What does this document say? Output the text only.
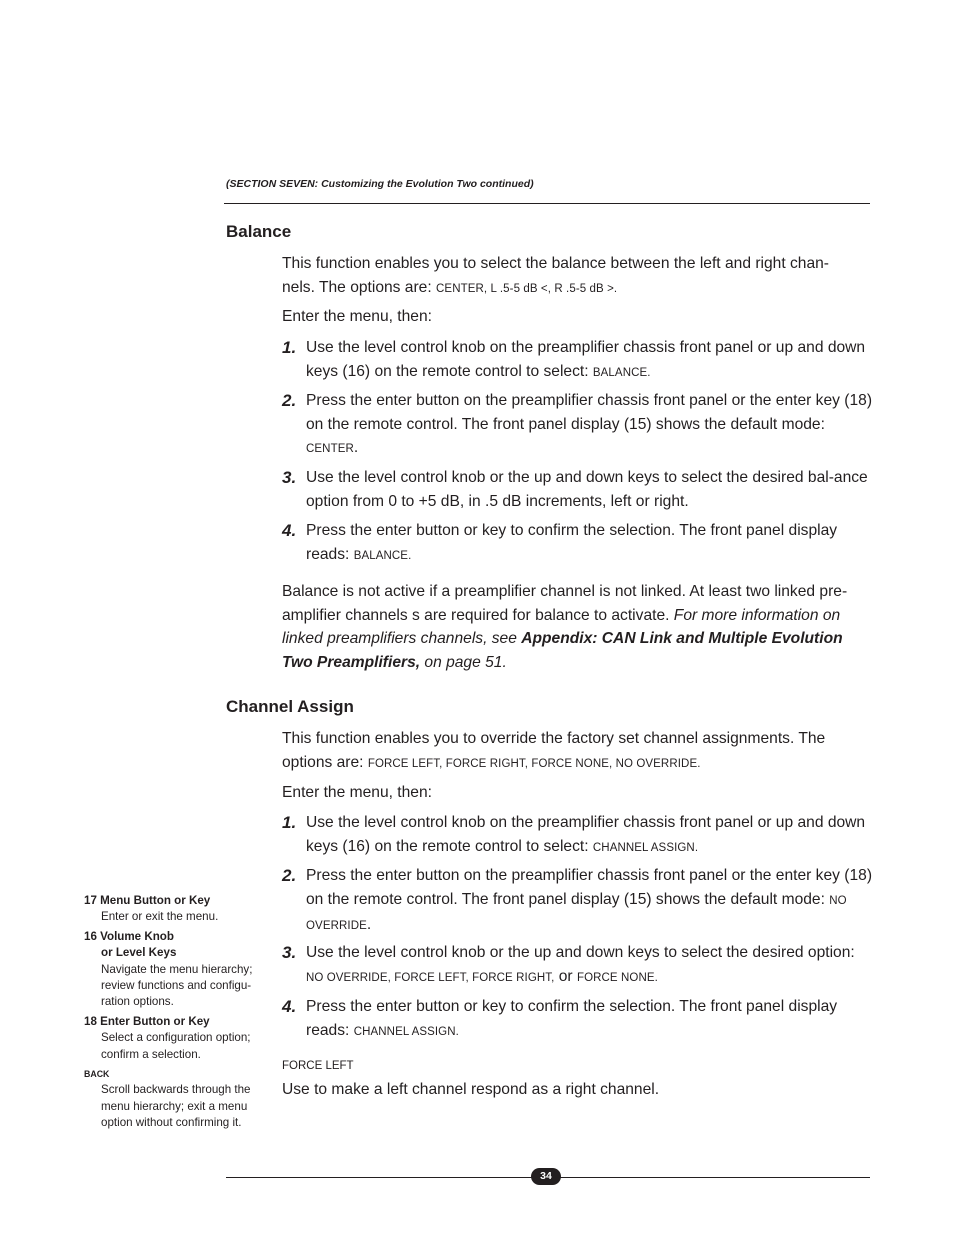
(SECTION SEVEN: Customizing the Evolution Two continued)
Balance
This function enables you to select the balance between the left and right chan-
nels. The options are: CENTER, L .5-5 dB <, R .5-5 dB >.
Enter the menu, then:
1. Use the level control knob on the preamplifier chassis front panel or up and down keys (16) on the remote control to select: BALANCE.
2. Press the enter button on the preamplifier chassis front panel or the enter key (18) on the remote control. The front panel display (15) shows the default mode: CENTER.
3. Use the level control knob or the up and down keys to select the desired bal-ance option from 0 to +5 dB, in .5 dB increments, left or right.
4. Press the enter button or key to confirm the selection. The front panel display reads: BALANCE.
Balance is not active if a preamplifier channel is not linked. At least two linked pre-amplifier channels s are required for balance to activate. For more information on linked preamplifiers channels, see Appendix: CAN Link and Multiple Evolution Two Preamplifiers, on page 51.
Channel Assign
This function enables you to override the factory set channel assignments. The
options are: FORCE LEFT, FORCE RIGHT, FORCE NONE, NO OVERRIDE.
Enter the menu, then:
1. Use the level control knob on the preamplifier chassis front panel or up and down keys (16) on the remote control to select: CHANNEL ASSIGN.
2. Press the enter button on the preamplifier chassis front panel or the enter key (18) on the remote control. The front panel display (15) shows the default mode: NO OVERRIDE.
3. Use the level control knob or the up and down keys to select the desired option: NO OVERRIDE, FORCE LEFT, FORCE RIGHT, or FORCE NONE.
4. Press the enter button or key to confirm the selection. The front panel display reads: CHANNEL ASSIGN.
FORCE LEFT
Use to make a left channel respond as a right channel.
17 Menu Button or Key
Enter or exit the menu.
16 Volume Knob
or Level Keys
Navigate the menu hierarchy; review functions and configu-ration options.
18 Enter Button or Key
Select a configuration option; confirm a selection.
BACK
Scroll backwards through the menu hierarchy; exit a menu option without confirming it.
34
